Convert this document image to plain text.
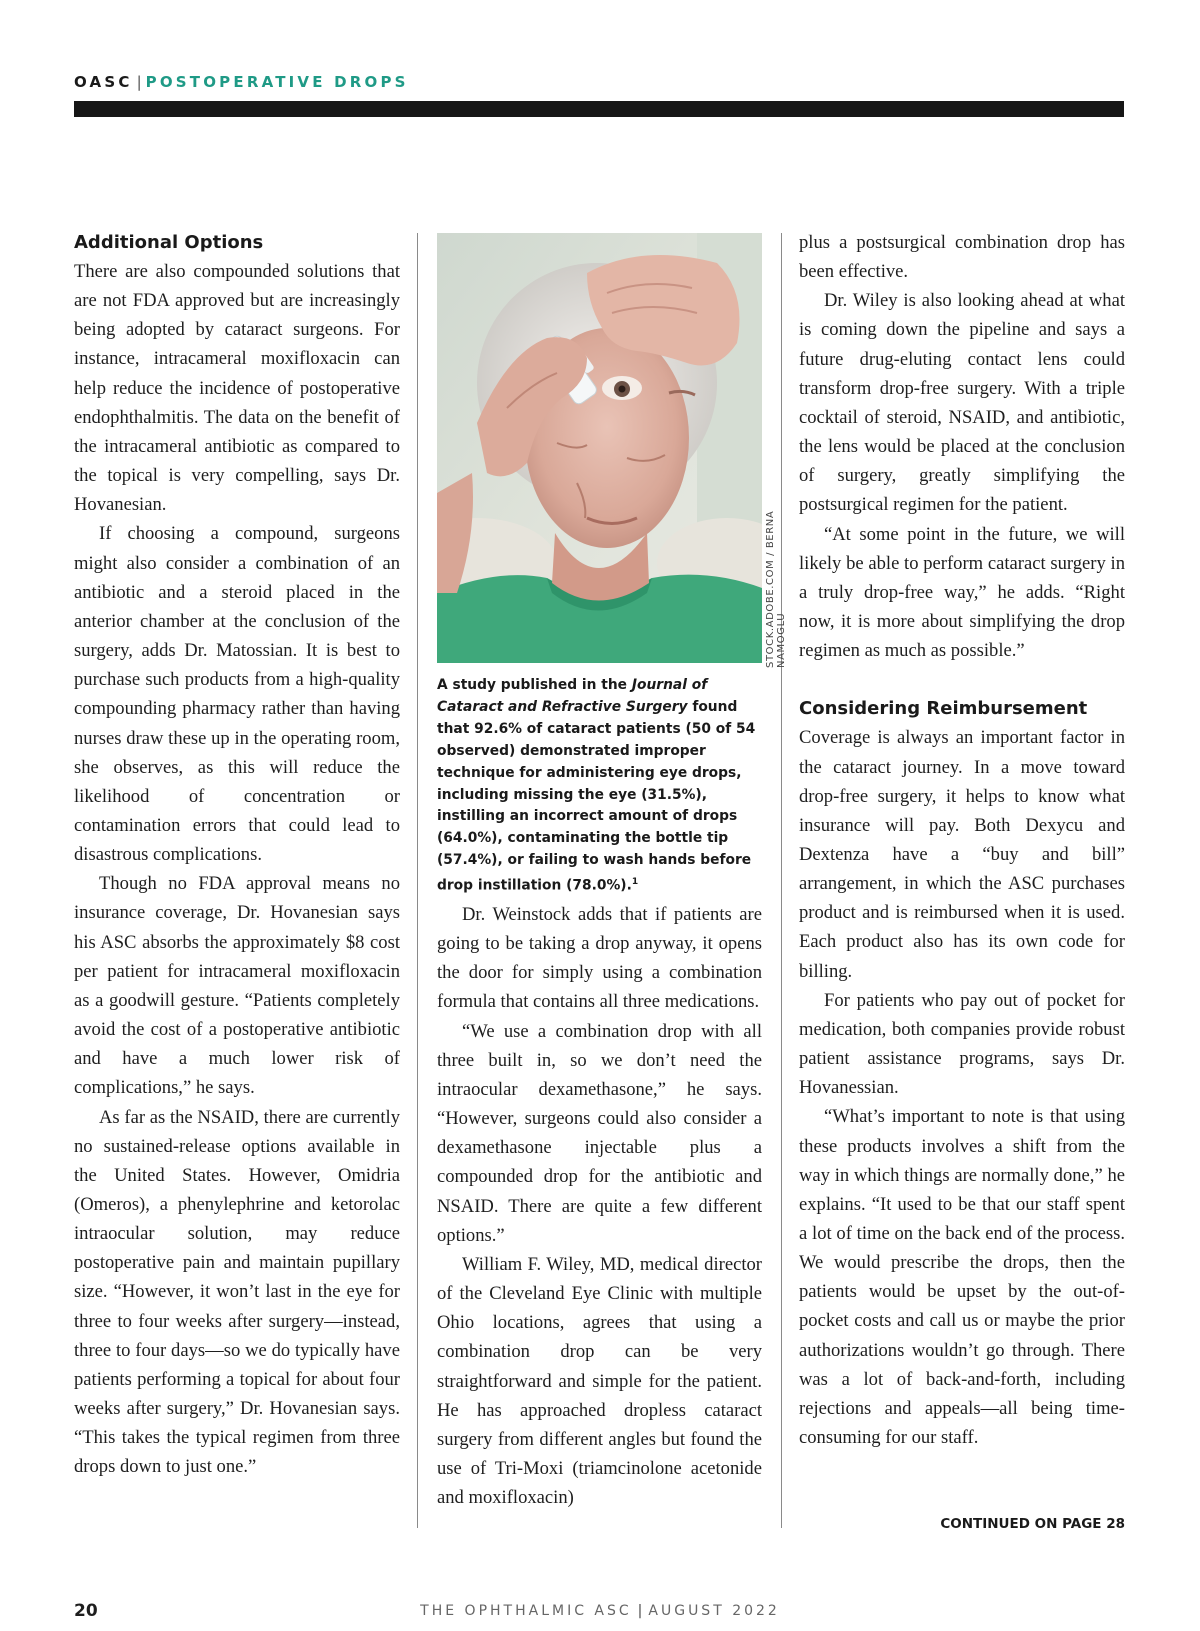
OASC | POSTOPERATIVE DROPS
Additional Options

There are also compounded solutions that are not FDA approved but are increasingly being adopted by cataract surgeons. For instance, intracameral moxifloxacin can help reduce the incidence of postoperative endophthalmitis. The data on the benefit of the intracameral antibiotic as compared to the topical is very compelling, says Dr. Hovanesian.

If choosing a compound, surgeons might also consider a combination of an antibiotic and a steroid placed in the anterior chamber at the conclusion of the surgery, adds Dr. Matossian. It is best to purchase such products from a high-quality compounding pharmacy rather than having nurses draw these up in the operating room, she observes, as this will reduce the likelihood of concentration or contamination errors that could lead to disastrous complications.

Though no FDA approval means no insurance coverage, Dr. Hovanesian says his ASC absorbs the approximately $8 cost per patient for intracameral moxifloxacin as a goodwill gesture. “Patients completely avoid the cost of a postoperative antibiotic and have a much lower risk of complications,” he says.

As far as the NSAID, there are currently no sustained-release options available in the United States. However, Omidria (Omeros), a phenylephrine and ketorolac intraocular solution, may reduce postoperative pain and maintain pupillary size. “However, it won’t last in the eye for three to four weeks after surgery—instead, three to four days—so we do typically have patients performing a topical for about four weeks after surgery,” Dr. Hovanesian says. “This takes the typical regimen from three drops down to just one.”

STOCK.ADOBE.COM / BERNA NAMOGLU
A study published in the Journal of Cataract and Refractive Surgery found that 92.6% of cataract patients (50 of 54 observed) demonstrated improper technique for administering eye drops, including missing the eye (31.5%), instilling an incorrect amount of drops (64.0%), contaminating the bottle tip (57.4%), or failing to wash hands before drop instillation (78.0%).$^1$

Dr. Weinstock adds that if patients are going to be taking a drop anyway, it opens the door for simply using a combination formula that contains all three medications.

“We use a combination drop with all three built in, so we don’t need the intraocular dexamethasone,” he says. “However, surgeons could also consider a dexamethasone injectable plus a compounded drop for the antibiotic and NSAID. There are quite a few different options.”

William F. Wiley, MD, medical director of the Cleveland Eye Clinic with multiple Ohio locations, agrees that using a combination drop can be very straightforward and simple for the patient. He has approached dropless cataract surgery from different angles but found the use of Tri-Moxi (triamcinolone acetonide and moxifloxacin)

plus a postsurgical combination drop has been effective.

Dr. Wiley is also looking ahead at what is coming down the pipeline and says a future drug-eluting contact lens could transform drop-free surgery. With a triple cocktail of steroid, NSAID, and antibiotic, the lens would be placed at the conclusion of surgery, greatly simplifying the postsurgical regimen for the patient.

“At some point in the future, we will likely be able to perform cataract surgery in a truly drop-free way,” he adds. “Right now, it is more about simplifying the drop regimen as much as possible.”

Considering Reimbursement

Coverage is always an important factor in the cataract journey. In a move toward drop-free surgery, it helps to know what insurance will pay. Both Dexycu and Dextenza have a “buy and bill” arrangement, in which the ASC purchases product and is reimbursed when it is used. Each product also has its own code for billing.

For patients who pay out of pocket for medication, both companies provide robust patient assistance programs, says Dr. Hovanessian.

“What’s important to note is that using these products involves a shift from the way in which things are normally done,” he explains. “It used to be that our staff spent a lot of time on the back end of the process. We would prescribe the drops, then the patients would be upset by the out-of-pocket costs and call us or maybe the prior authorizations wouldn’t go through. There was a lot of back-and-forth, including rejections and appeals—all being time-consuming for our staff.

CONTINUED ON PAGE 28
20	THE OPHTHALMIC ASC | AUGUST 2022
